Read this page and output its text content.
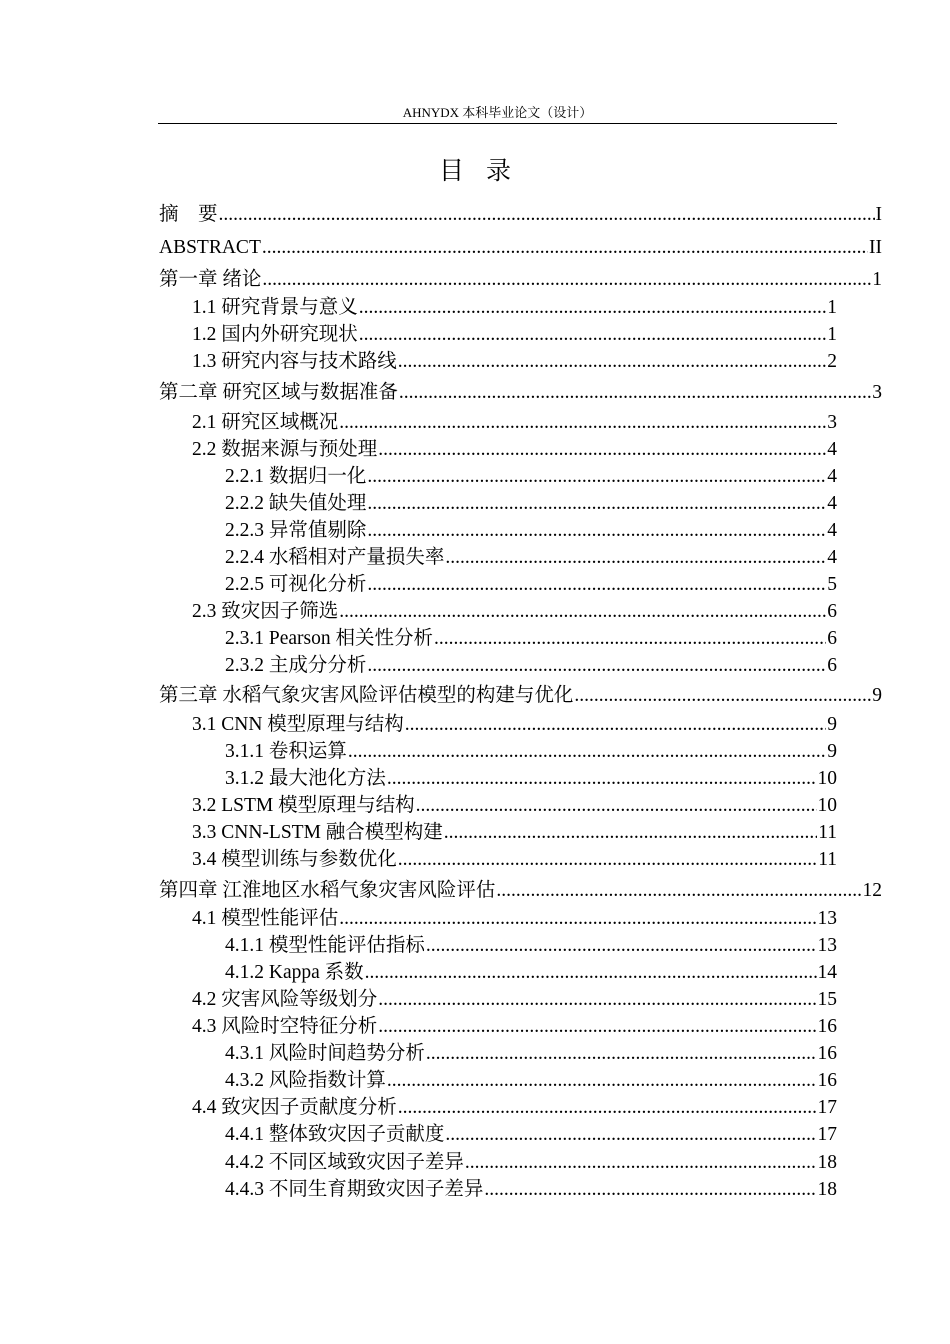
AHNYDX 本科毕业论文（设计）
目录
摘　要 .....	I
ABSTRACT .....	II
第一章 绪论 .....	1
1.1 研究背景与意义 .....	1
1.2 国内外研究现状 .....	1
1.3 研究内容与技术路线 .....	2
第二章 研究区域与数据准备 .....	3
2.1 研究区域概况 .....	3
2.2 数据来源与预处理 .....	4
2.2.1 数据归一化 .....	4
2.2.2 缺失值处理 .....	4
2.2.3 异常值剔除 .....	4
2.2.4 水稻相对产量损失率 .....	4
2.2.5 可视化分析 .....	5
2.3 致灾因子筛选 .....	6
2.3.1 Pearson 相关性分析 .....	6
2.3.2 主成分分析 .....	6
第三章 水稻气象灾害风险评估模型的构建与优化 .....	9
3.1 CNN 模型原理与结构 .....	9
3.1.1 卷积运算 .....	9
3.1.2 最大池化方法 .....	10
3.2 LSTM 模型原理与结构 .....	10
3.3 CNN-LSTM 融合模型构建 .....	11
3.4 模型训练与参数优化 .....	11
第四章 江淮地区水稻气象灾害风险评估 .....	12
4.1 模型性能评估 .....	13
4.1.1 模型性能评估指标 .....	13
4.1.2 Kappa 系数 .....	14
4.2 灾害风险等级划分 .....	15
4.3 风险时空特征分析 .....	16
4.3.1 风险时间趋势分析 .....	16
4.3.2 风险指数计算 .....	16
4.4 致灾因子贡献度分析 .....	17
4.4.1 整体致灾因子贡献度 .....	17
4.4.2 不同区域致灾因子差异 .....	18
4.4.3 不同生育期致灾因子差异 .....	18
